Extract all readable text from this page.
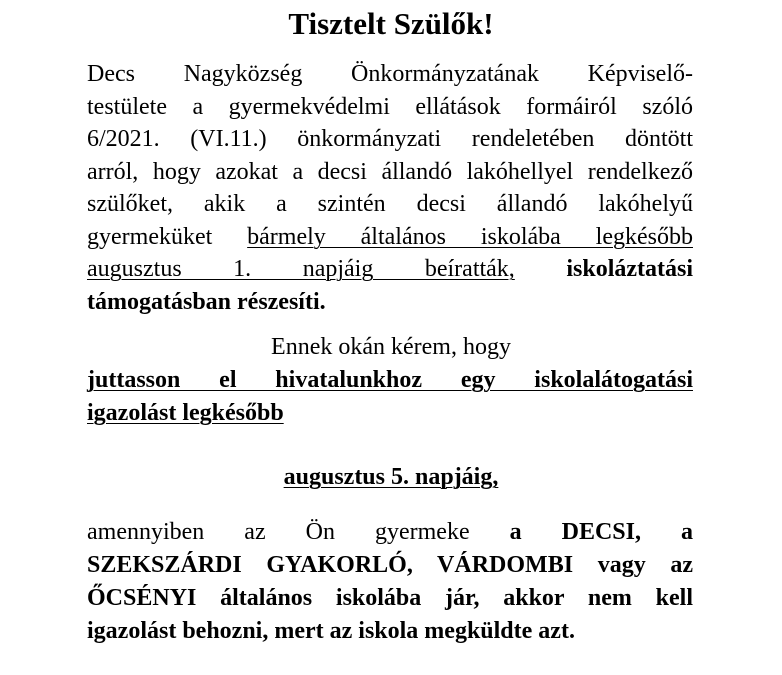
Tisztelt Szülők!
Decs Nagyközség Önkormányzatának Képviselő-
testülete a gyermekvédelmi ellátások formáiról szóló
6/2021. (VI.11.) önkormányzati rendeletében döntött
arról, hogy azokat a decsi állandó lakóhellyel rendelkező
szülőket, akik a szintén decsi állandó lakóhelyű
gyermeküket bármely általános iskolába legkésőbb
augusztus 1. napjáig beíratták, iskoláztatási
támogatásban részesíti.
Ennek okán kérem, hogy
juttasson el hivatalunkhoz egy iskolalátogatási
igazolást legkésőbb
augusztus 5. napjáig,
amennyiben az Ön gyermeke a DECSI, a
SZEKSZÁRDI GYAKORLÓ, VÁRDOMBI vagy az
ŐCSÉNYI általános iskolába jár, akkor nem kell
igazolást behozni, mert az iskola megküldte azt.
